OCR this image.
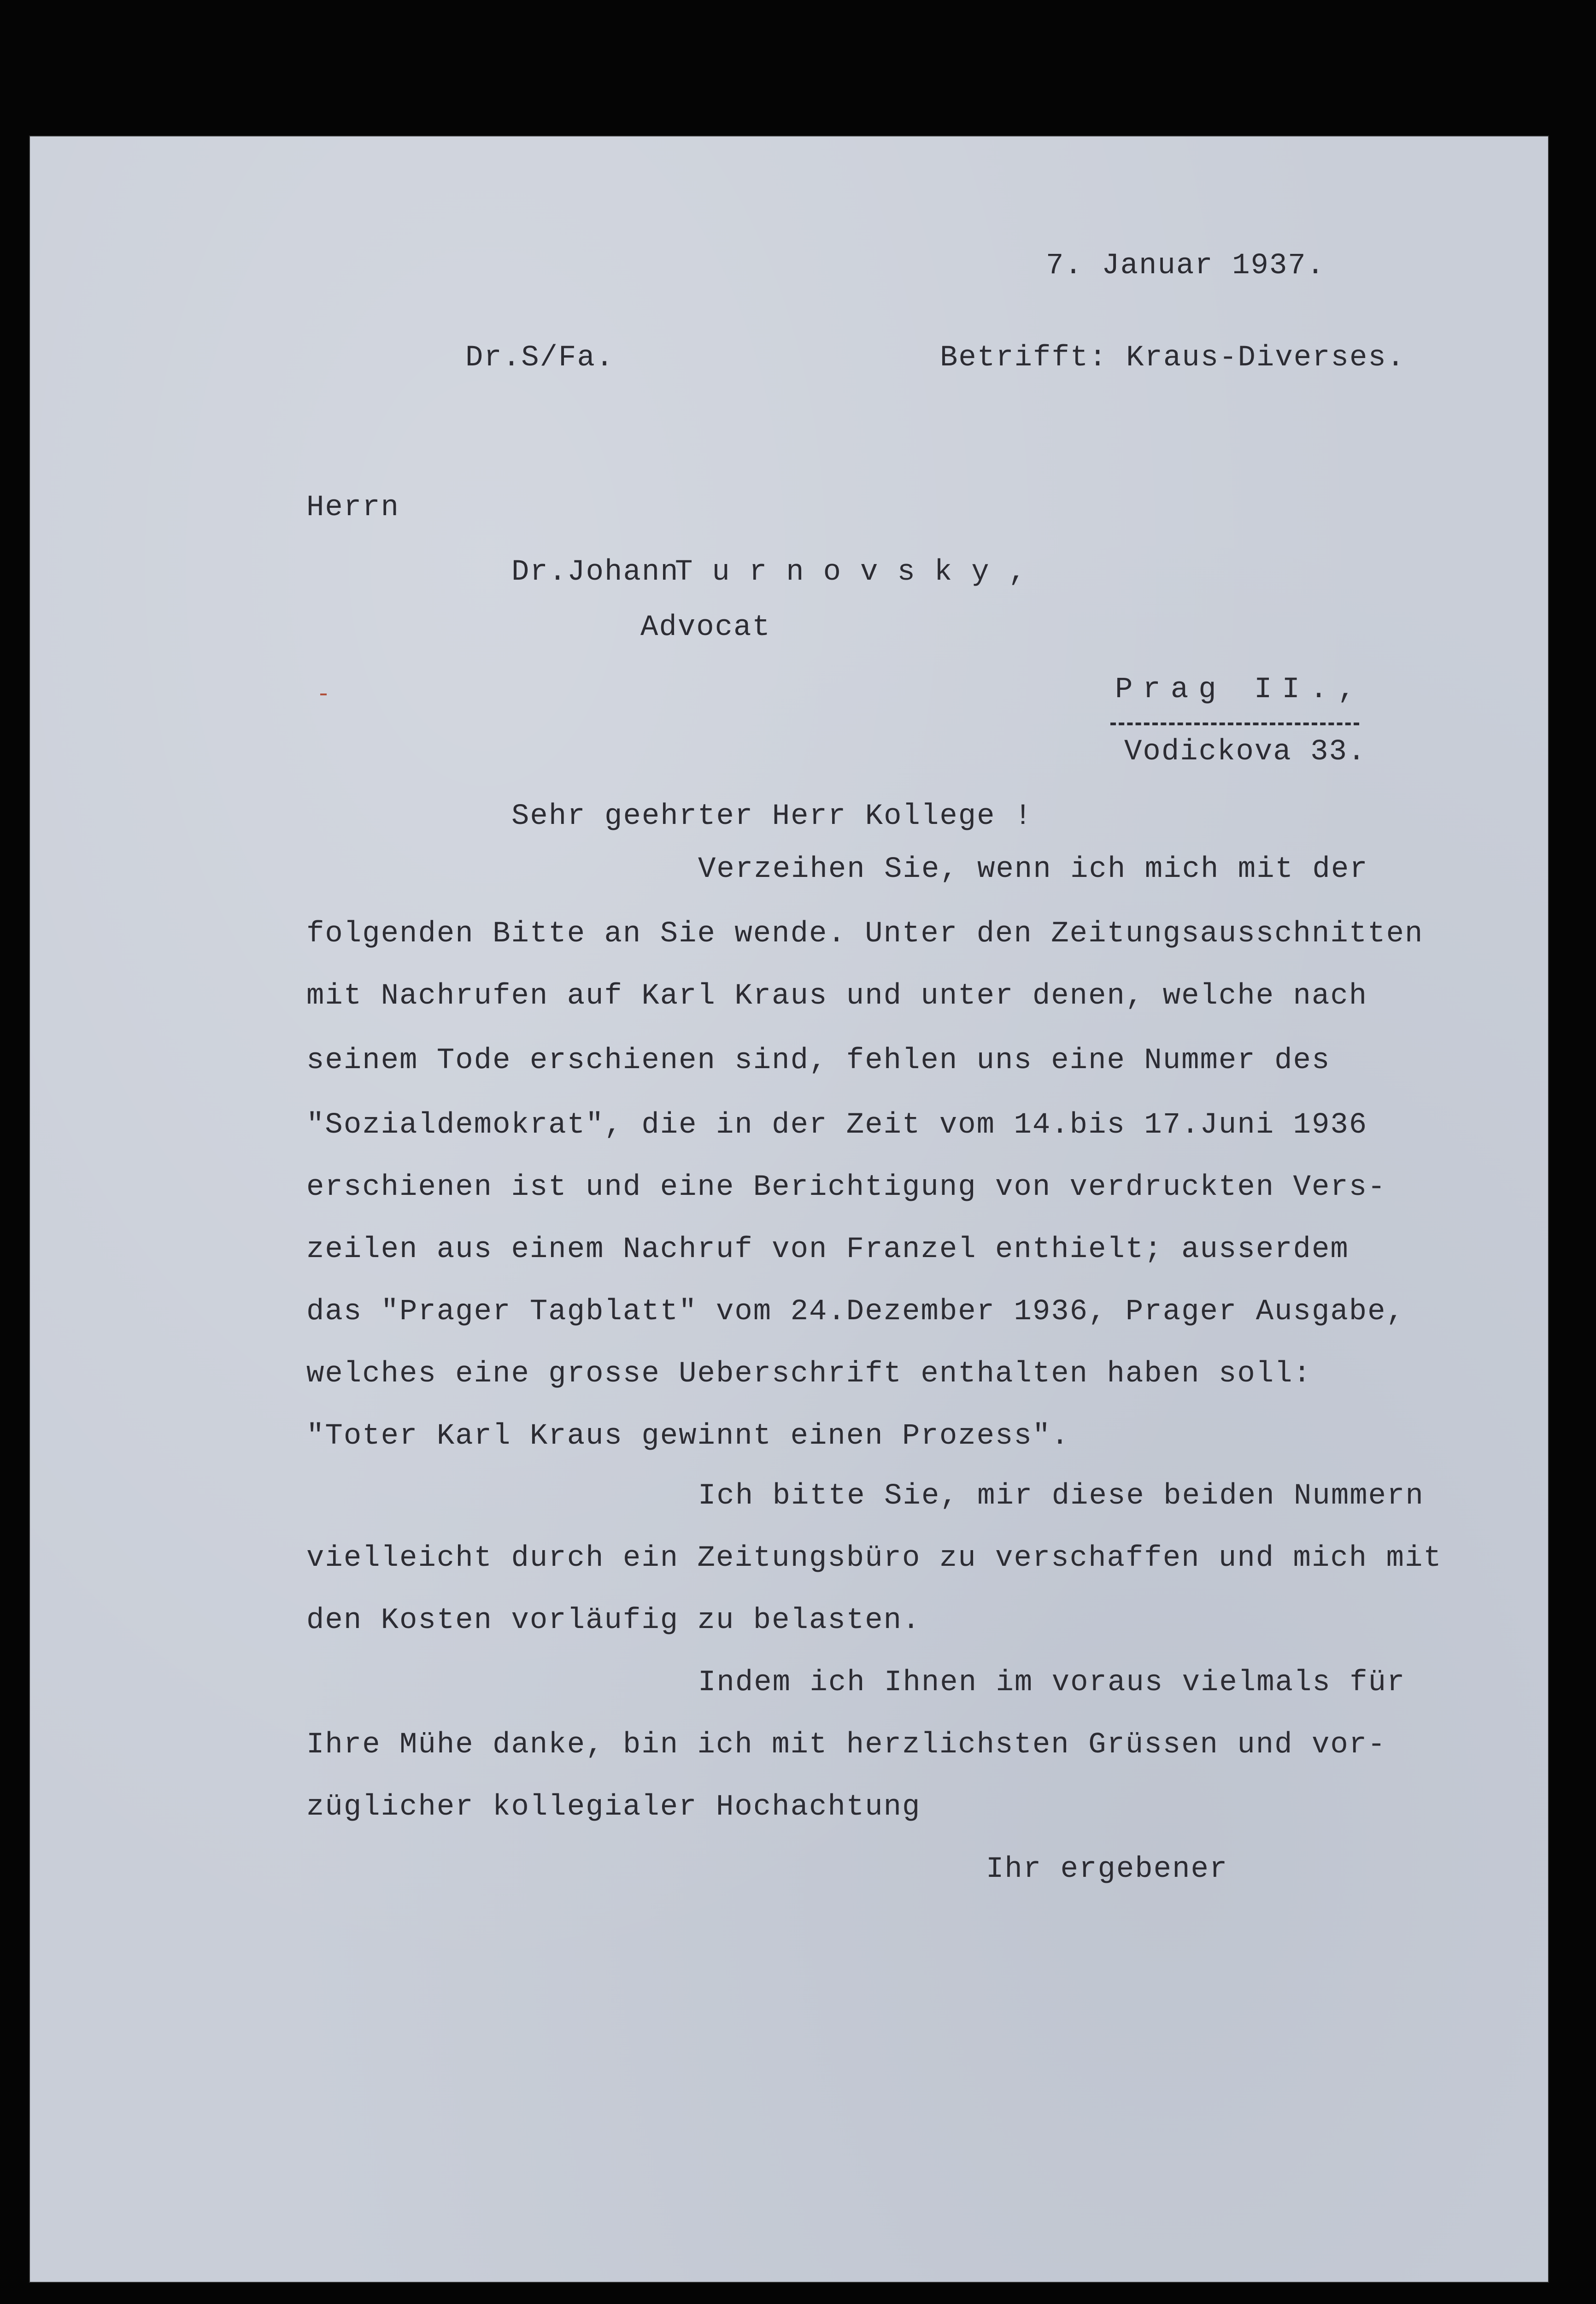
7. Januar 1937.
Dr.S/Fa.	Betrifft: Kraus-Diverses.
Herrn
Dr.Johann
Turnovsky,
Advocat
Prag II.,
Vodickova 33.
Sehr geehrter Herr Kollege !
Verzeihen Sie, wenn ich mich mit der
folgenden Bitte an Sie wende. Unter den Zeitungsausschnitten
mit Nachrufen auf Karl Kraus und unter denen, welche nach
seinem Tode erschienen sind, fehlen uns eine Nummer des
"Sozialdemokrat", die in der Zeit vom 14.bis 17.Juni 1936
erschienen ist und eine Berichtigung von verdruckten Vers-
zeilen aus einem Nachruf von Franzel enthielt; ausserdem
das "Prager Tagblatt" vom 24.Dezember 1936, Prager Ausgabe,
welches eine grosse Ueberschrift enthalten haben soll:
"Toter Karl Kraus gewinnt einen Prozess".
Ich bitte Sie, mir diese beiden Nummern
vielleicht durch ein Zeitungsbüro zu verschaffen und mich mit
den Kosten vorläufig zu belasten.
Indem ich Ihnen im voraus vielmals für
Ihre Mühe danke, bin ich mit herzlichsten Grüssen und vor-
züglicher kollegialer Hochachtung
Ihr ergebener
